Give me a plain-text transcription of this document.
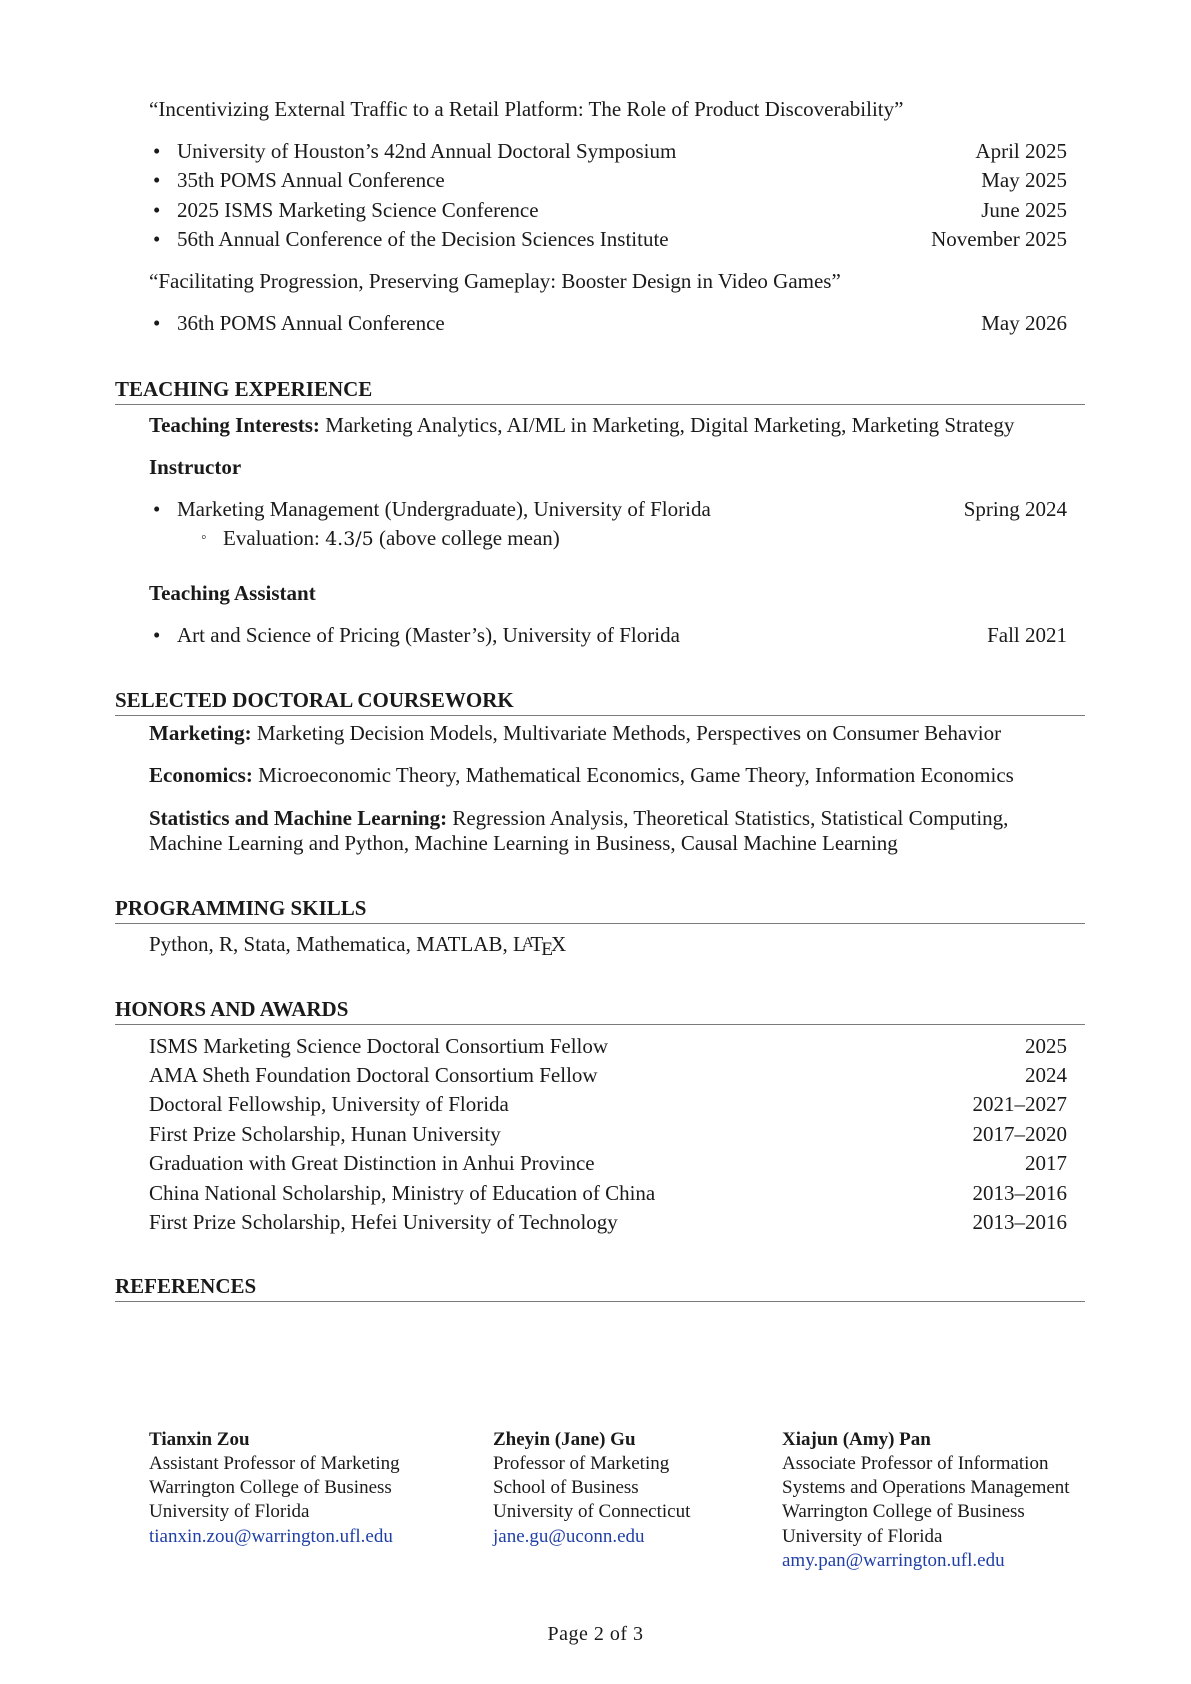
“Incentivizing External Traffic to a Retail Platform: The Role of Product Discoverability”
• University of Houston’s 42nd Annual Doctoral Symposium	April 2025
• 35th POMS Annual Conference	May 2025
• 2025 ISMS Marketing Science Conference	June 2025
• 56th Annual Conference of the Decision Sciences Institute	November 2025
“Facilitating Progression, Preserving Gameplay: Booster Design in Video Games”
• 36th POMS Annual Conference	May 2026
TEACHING EXPERIENCE
Teaching Interests: Marketing Analytics, AI/ML in Marketing, Digital Marketing, Marketing Strategy
Instructor
• Marketing Management (Undergraduate), University of Florida	Spring 2024
◦ Evaluation: 4.3/5 (above college mean)
Teaching Assistant
• Art and Science of Pricing (Master’s), University of Florida	Fall 2021
SELECTED DOCTORAL COURSEWORK
Marketing: Marketing Decision Models, Multivariate Methods, Perspectives on Consumer Behavior
Economics: Microeconomic Theory, Mathematical Economics, Game Theory, Information Economics
Statistics and Machine Learning: Regression Analysis, Theoretical Statistics, Statistical Computing,
Machine Learning and Python, Machine Learning in Business, Causal Machine Learning
PROGRAMMING SKILLS
Python, R, Stata, Mathematica, MATLAB, LATEX
HONORS AND AWARDS
ISMS Marketing Science Doctoral Consortium Fellow	2025
AMA Sheth Foundation Doctoral Consortium Fellow	2024
Doctoral Fellowship, University of Florida	2021–2027
First Prize Scholarship, Hunan University	2017–2020
Graduation with Great Distinction in Anhui Province	2017
China National Scholarship, Ministry of Education of China	2013–2016
First Prize Scholarship, Hefei University of Technology	2013–2016
REFERENCES
Tianxin Zou
Assistant Professor of Marketing
Warrington College of Business
University of Florida
tianxin.zou@warrington.ufl.edu
Zheyin (Jane) Gu
Professor of Marketing
School of Business
University of Connecticut
jane.gu@uconn.edu
Xiajun (Amy) Pan
Associate Professor of Information
Systems and Operations Management
Warrington College of Business
University of Florida
amy.pan@warrington.ufl.edu
Page 2 of 3
